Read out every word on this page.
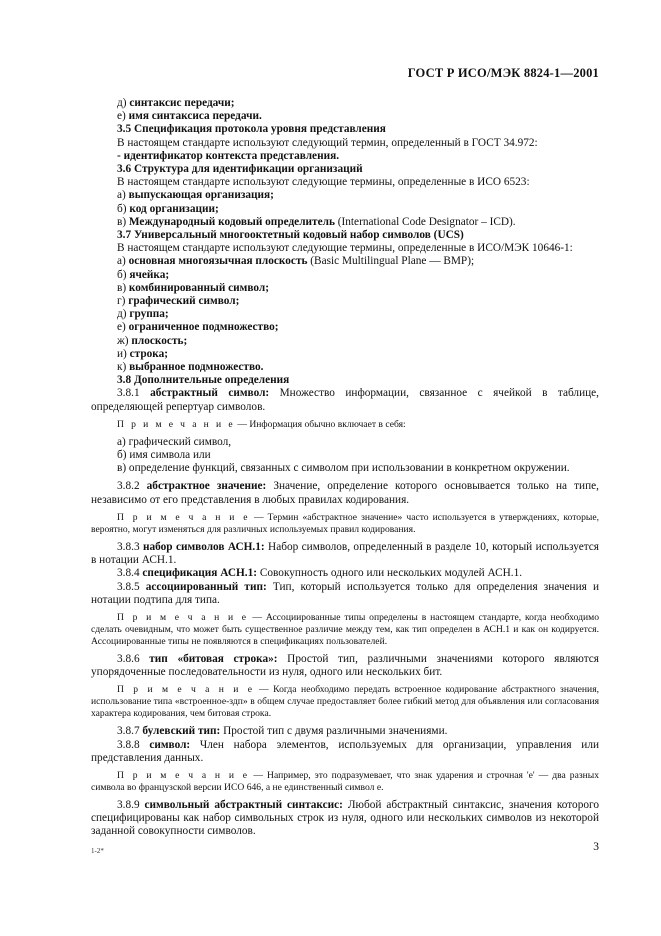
ГОСТ Р ИСО/МЭК 8824-1—2001

д) синтаксис передачи;

е) имя синтаксиса передачи.

3.5 Спецификация протокола уровня представления

В настоящем стандарте используют следующий термин, определенный в ГОСТ 34.972:

- идентификатор контекста представления.

3.6 Структура для идентификации организаций

В настоящем стандарте используют следующие термины, определенные в ИСО 6523:

а) выпускающая организация;

б) код организации;

в) Международный кодовый определитель (International Code Designator – ICD).

3.7 Универсальный многооктетный кодовый набор символов (UCS)

В настоящем стандарте используют следующие термины, определенные в ИСО/МЭК 10646-1:

а) основная многоязычная плоскость (Basic Multilingual Plane — BMP);

б) ячейка;

в) комбинированный символ;

г) графический символ;

д) группа;

е) ограниченное подмножество;

ж) плоскость;

и) строка;

к) выбранное подмножество.

3.8 Дополнительные определения

3.8.1 абстрактный символ: Множество информации, связанное с ячейкой в таблице, определяющей репертуар символов.

П р и м е ч а н и е — Информация обычно включает в себя:

а) графический символ,

б) имя символа или

в) определение функций, связанных с символом при использовании в конкретном окружении.

3.8.2 абстрактное значение: Значение, определение которого основывается только на типе, независимо от его представления в любых правилах кодирования.

П р и м е ч а н и е — Термин «абстрактное значение» часто используется в утверждениях, которые, вероятно, могут изменяться для различных используемых правил кодирования.

3.8.3 набор символов АСН.1: Набор символов, определенный в разделе 10, который используется в нотации АСН.1.

3.8.4 спецификация АСН.1: Совокупность одного или нескольких модулей АСН.1.

3.8.5 ассоциированный тип: Тип, который используется только для определения значения и нотации подтипа для типа.

П р и м е ч а н и е — Ассоциированные типы определены в настоящем стандарте, когда необходимо сделать очевидным, что может быть существенное различие между тем, как тип определен в АСН.1 и как он кодируется. Ассоциированные типы не появляются в спецификациях пользователей.

3.8.6 тип «битовая строка»: Простой тип, различными значениями которого являются упорядоченные последовательности из нуля, одного или нескольких бит.

П р и м е ч а н и е — Когда необходимо передать встроенное кодирование абстрактного значения, использование типа «встроенное-здп» в общем случае предоставляет более гибкий метод для объявления или согласования характера кодирования, чем битовая строка.

3.8.7 булевский тип: Простой тип с двумя различными значениями.

3.8.8 символ: Член набора элементов, используемых для организации, управления или представления данных.

П р и м е ч а н и е — Например, это подразумевает, что знак ударения и строчная 'е' — два разных символа во французской версии ИСО 646, а не единственный символ е.

3.8.9 символьный абстрактный синтаксис: Любой абстрактный синтаксис, значения которого специфицированы как набор символьных строк из нуля, одного или нескольких символов из некоторой заданной совокупности символов.

1-2*	3
